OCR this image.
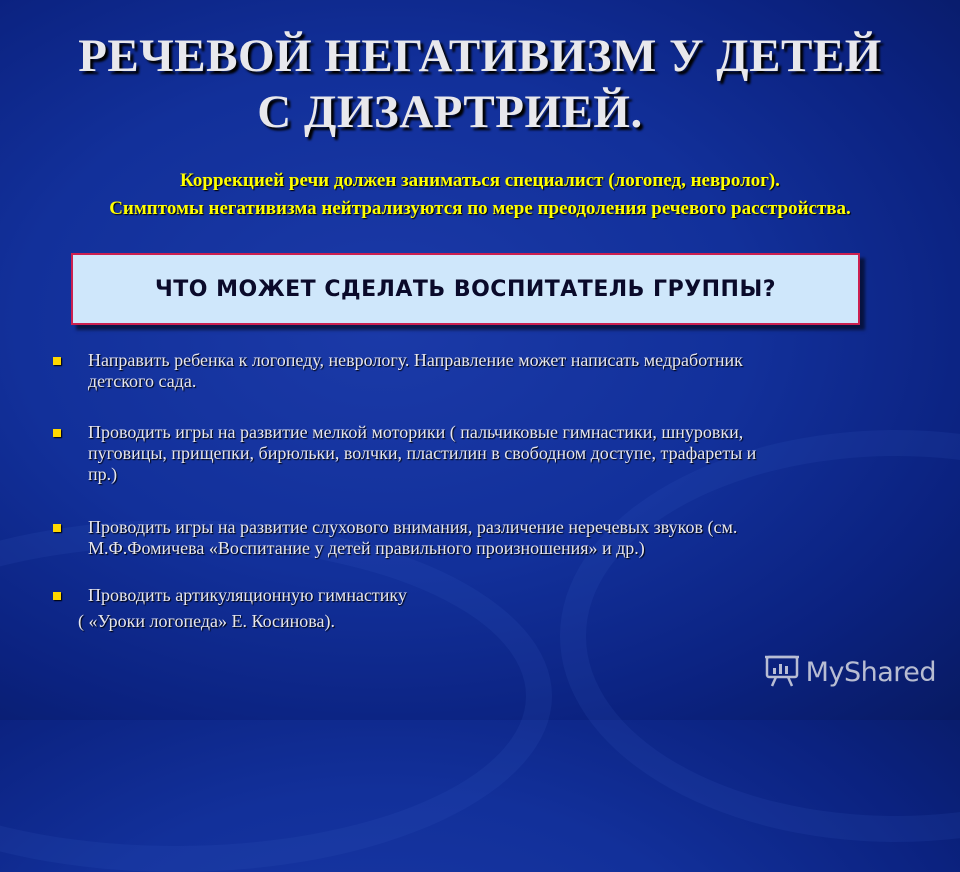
РЕЧЕВОЙ НЕГАТИВИЗМ У ДЕТЕЙ
С ДИЗАРТРИЕЙ.
Коррекцией речи должен заниматься специалист (логопед, невролог).
Симптомы негативизма нейтрализуются по мере преодоления речевого расстройства.
ЧТО МОЖЕТ СДЕЛАТЬ ВОСПИТАТЕЛЬ ГРУППЫ?
Направить ребенка к логопеду, неврологу. Направление может написать медработник
детского сада.
Проводить игры на развитие мелкой моторики ( пальчиковые гимнастики, шнуровки,
пуговицы, прищепки, бирюльки, волчки, пластилин в свободном доступе, трафареты и
пр.)
Проводить игры на развитие слухового внимания, различение неречевых звуков (см.
М.Ф.Фомичева «Воспитание у детей правильного произношения» и др.)
Проводить артикуляционную гимнастику
( «Уроки логопеда» Е. Косинова).
MyShared
